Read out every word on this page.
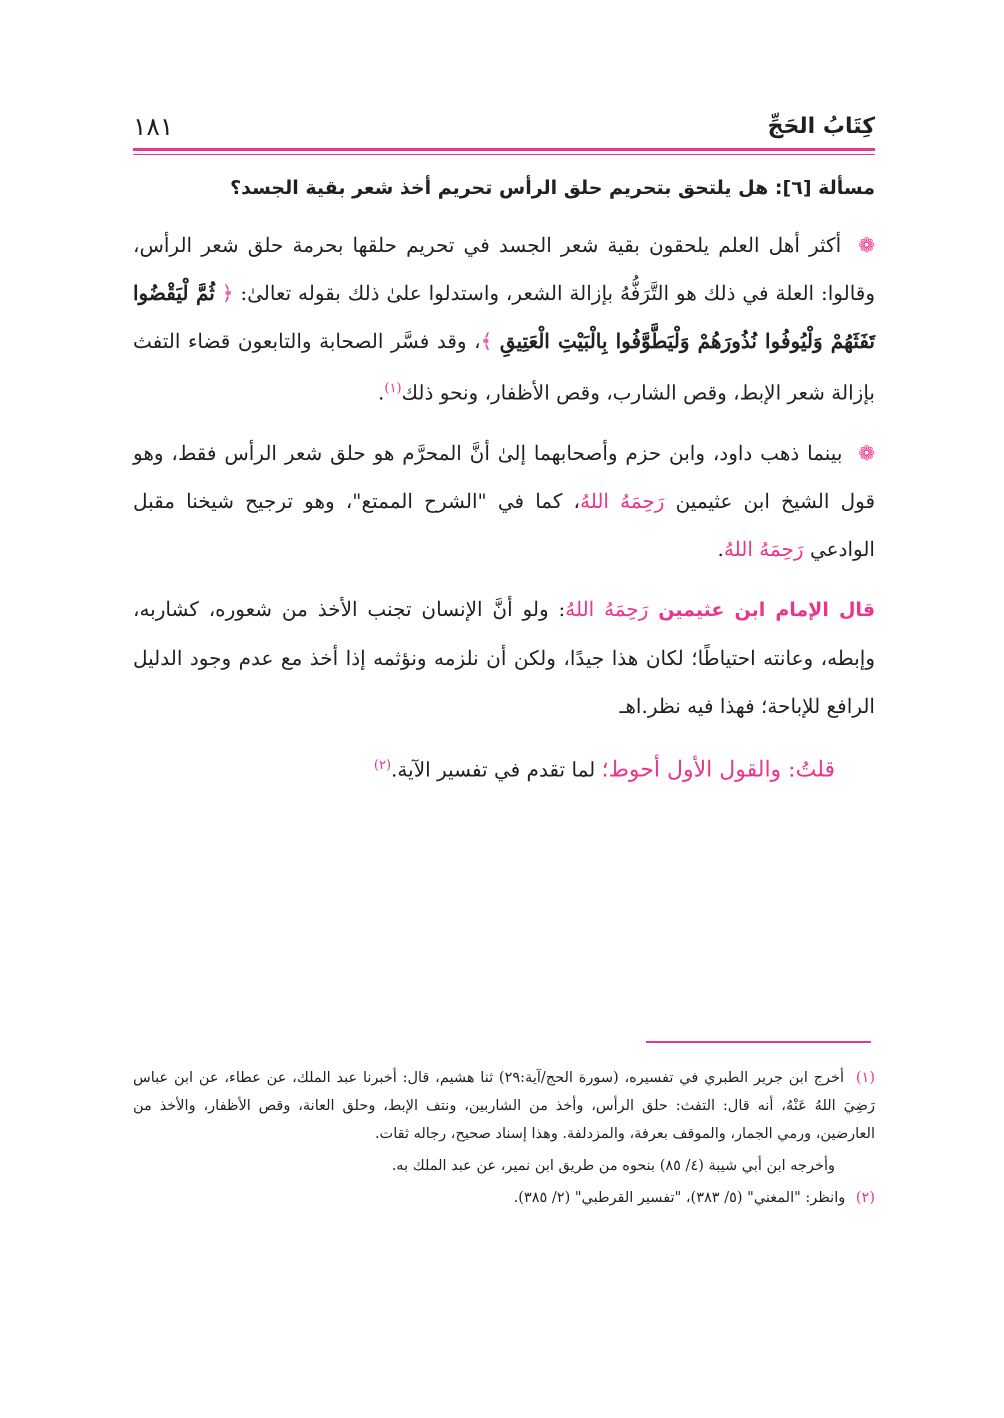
كِتَابُ الحَجِّ
١٨١
مسألة [٦]: هل يلتحق بتحريم حلق الرأس تحريم أخذ شعر بقية الجسد؟

❁ أكثر أهل العلم يلحقون بقية شعر الجسد في تحريم حلقها بحرمة حلق شعر الرأس، وقالوا: العلة في ذلك هو التَّرَفُّهُ بإزالة الشعر، واستدلوا علىٰ ذلك بقوله تعالىٰ: ﴿ ثُمَّ لْيَقْضُوا تَفَثَهُمْ وَلْيُوفُوا نُذُورَهُمْ وَلْيَطَّوَّفُوا بِالْبَيْتِ الْعَتِيقِ ﴾، وقد فسَّر الصحابة والتابعون قضاء التفث بإزالة شعر الإبط، وقص الشارب، وقص الأظفار، ونحو ذلك$^{(١)}$.

❁ بينما ذهب داود، وابن حزم وأصحابهما إلىٰ أنَّ المحرَّم هو حلق شعر الرأس فقط، وهو قول الشيخ ابن عثيمين رَحِمَهُ اللهُ، كما في "الشرح الممتع"، وهو ترجيح شيخنا مقبل الوادعي رَحِمَهُ اللهُ.

قال الإمام ابن عثيمين رَحِمَهُ اللهُ: ولو أنَّ الإنسان تجنب الأخذ من شعوره، كشاربه، وإبطه، وعانته احتياطًا؛ لكان هذا جيدًا، ولكن أن نلزمه ونؤثمه إذا أخذ مع عدم وجود الدليل الرافع للإباحة؛ فهذا فيه نظر.اهـ

قلتُ: والقول الأول أحوط؛ لما تقدم في تفسير الآية.$^{(٢)}$

(١) أخرج ابن جرير الطبري في تفسيره، (سورة الحج/آية:٢٩) ثنا هشيم، قال: أخبرنا عبد الملك، عن عطاء، عن ابن عباس رَضِيَ اللهُ عَنْهُ، أنه قال: التفث: حلق الرأس، وأخذ من الشاربين، ونتف الإبط، وحلق العانة، وقص الأظفار، والأخذ من العارضين، ورمي الجمار، والموقف بعرفة، والمزدلفة. وهذا إسناد صحيح، رجاله ثقات.

وأخرجه ابن أبي شيبة (٤/ ٨٥) بنحوه من طريق ابن نمير، عن عبد الملك به.

(٢) وانظر: "المغني" (٥/ ٣٨٣)، "تفسير القرطبي" (٢/ ٣٨٥).
